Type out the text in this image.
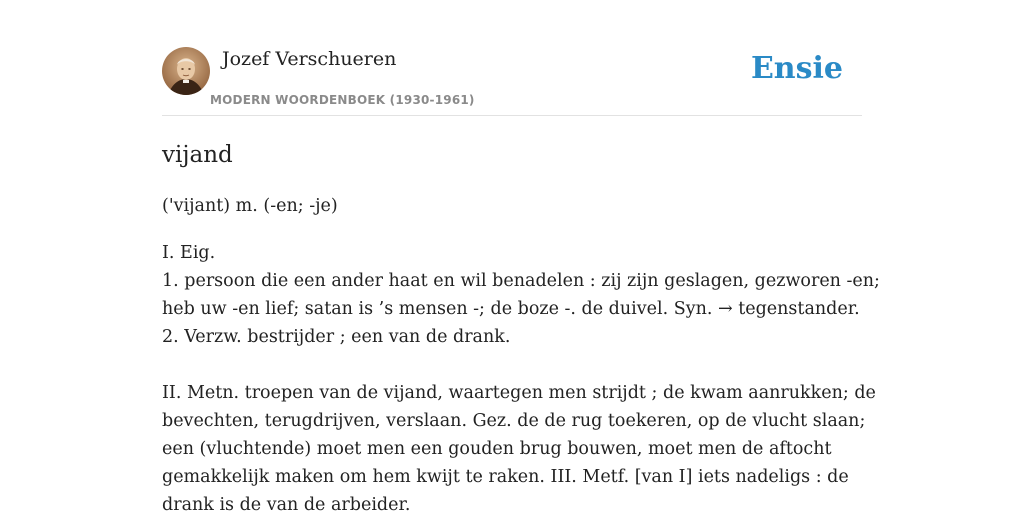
Jozef Verschueren
MODERN WOORDENBOEK (1930-1961)
Ensie
vijand
('vijant) m. (-en; -je)
I. Eig.
1. persoon die een ander haat en wil benadelen : zij zijn geslagen, gezworen -en;
heb uw -en lief; satan is ’s mensen -; de boze -. de duivel. Syn. → tegenstander.
2. Verzw. bestrijder ; een van de drank.
II. Metn. troepen van de vijand, waartegen men strijdt ; de kwam aanrukken; de
bevechten, terugdrijven, verslaan. Gez. de de rug toekeren, op de vlucht slaan;
een (vluchtende) moet men een gouden brug bouwen, moet men de aftocht
gemakkelijk maken om hem kwijt te raken. III. Metf. [van I] iets nadeligs : de
drank is de van de arbeider.
